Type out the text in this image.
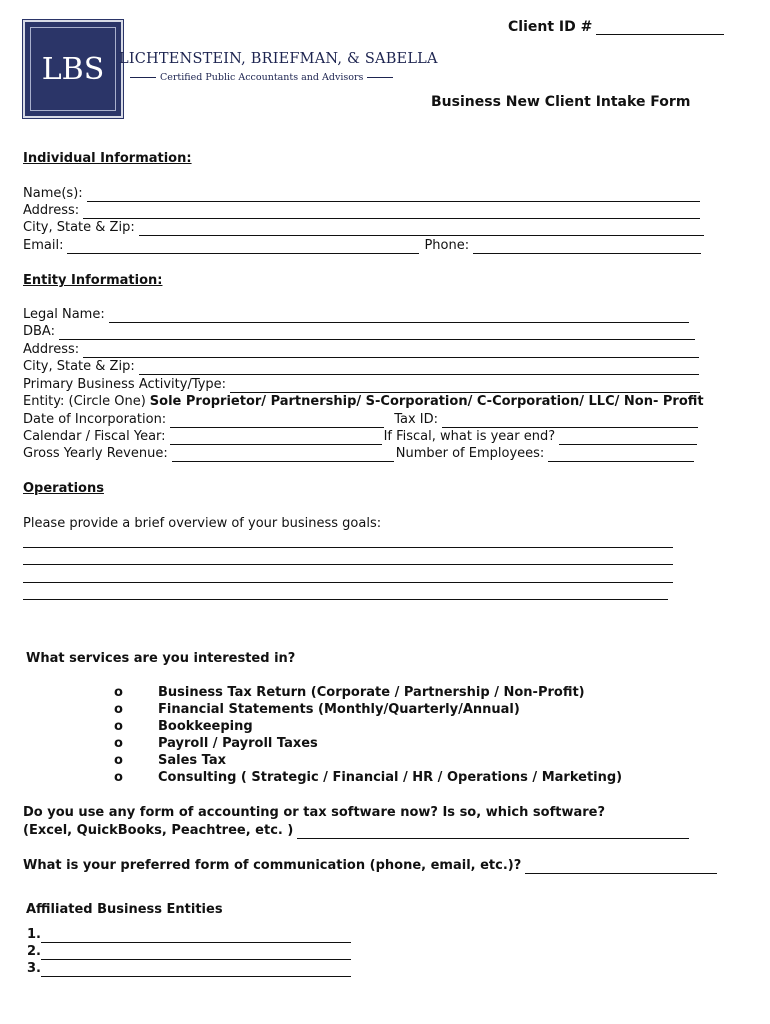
LBS	LICHTENSTEIN, BRIEFMAN, & SABELLA
Certified Public Accountants and Advisors
Client ID #
Business New Client Intake Form
Individual Information:
Name(s):
Address:
City, State & Zip:
Email:	Phone:
Entity Information:
Legal Name:
DBA:
Address:
City, State & Zip:
Primary Business Activity/Type:
Entity: (Circle One) Sole Proprietor/ Partnership/ S-Corporation/ C-Corporation/ LLC/ Non- Profit
Date of Incorporation:	Tax ID:
Calendar / Fiscal Year:	If Fiscal, what is year end?
Gross Yearly Revenue:	Number of Employees:
Operations
Please provide a brief overview of your business goals:
What services are you interested in?
o	Business Tax Return (Corporate / Partnership / Non-Profit)
o	Financial Statements (Monthly/Quarterly/Annual)
o	Bookkeeping
o	Payroll / Payroll Taxes
o	Sales Tax
o	Consulting ( Strategic / Financial / HR / Operations / Marketing)
Do you use any form of accounting or tax software now? Is so, which software?
(Excel, QuickBooks, Peachtree, etc. )
What is your preferred form of communication (phone, email, etc.)?
Affiliated Business Entities
1.
2.
3.
